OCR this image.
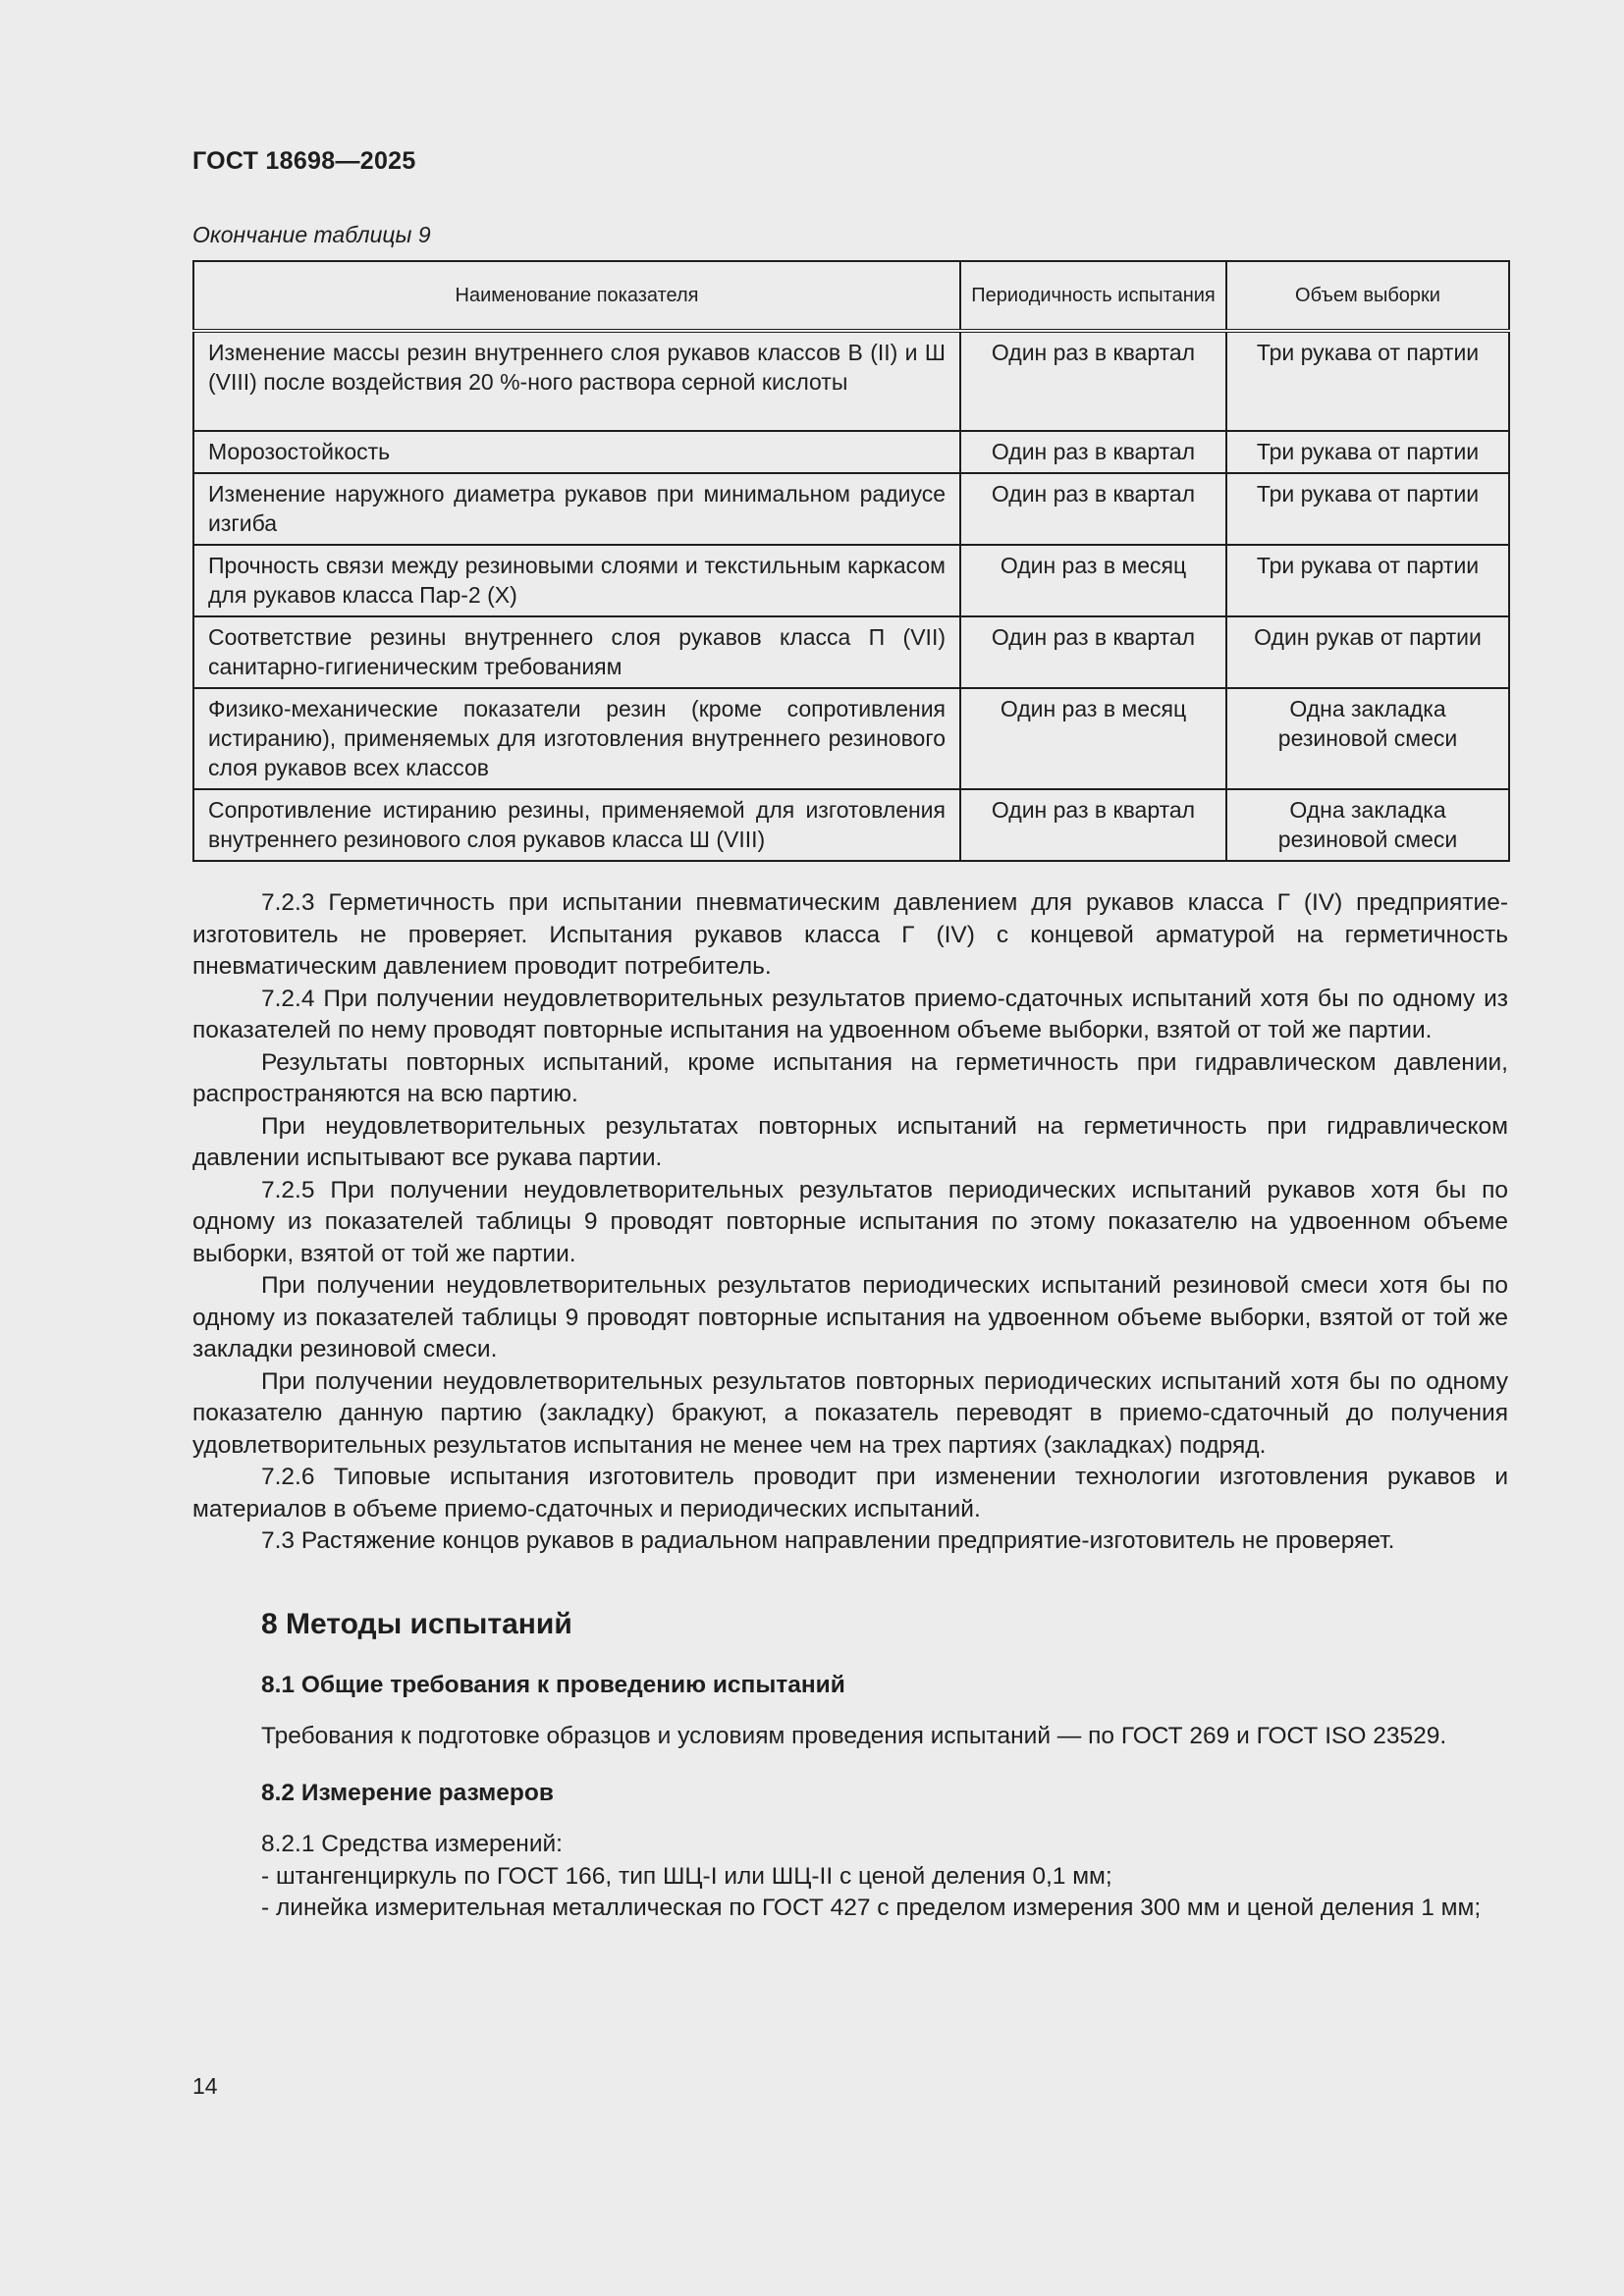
ГОСТ 18698—2025
Окончание таблицы 9
Наименование показателя	Периодичность испытания	Объем выборки
Изменение массы резин внутреннего слоя рукавов классов В (II) и Ш (VIII) после воздействия 20 %-ного раствора серной кислоты	Один раз в квартал	Три рукава от партии
Морозостойкость	Один раз в квартал	Три рукава от партии
Изменение наружного диаметра рукавов при минимальном радиусе изгиба	Один раз в квартал	Три рукава от партии
Прочность связи между резиновыми слоями и текстильным каркасом для рукавов класса Пар-2 (X)	Один раз в месяц	Три рукава от партии
Соответствие резины внутреннего слоя рукавов класса П (VII) санитарно-гигиеническим требованиям	Один раз в квартал	Один рукав от партии
Физико-механические показатели резин (кроме сопротивления истиранию), применяемых для изготовления внутреннего резинового слоя рукавов всех классов	Один раз в месяц	Одна закладка резиновой смеси
Сопротивление истиранию резины, применяемой для изготовления внутреннего резинового слоя рукавов класса Ш (VIII)	Один раз в квартал	Одна закладка резиновой смеси

7.2.3 Герметичность при испытании пневматическим давлением для рукавов класса Г (IV) предприятие-изготовитель не проверяет. Испытания рукавов класса Г (IV) с концевой арматурой на герметичность пневматическим давлением проводит потребитель.

7.2.4 При получении неудовлетворительных результатов приемо-сдаточных испытаний хотя бы по одному из показателей по нему проводят повторные испытания на удвоенном объеме выборки, взятой от той же партии.

Результаты повторных испытаний, кроме испытания на герметичность при гидравлическом давлении, распространяются на всю партию.

При неудовлетворительных результатах повторных испытаний на герметичность при гидравлическом давлении испытывают все рукава партии.

7.2.5 При получении неудовлетворительных результатов периодических испытаний рукавов хотя бы по одному из показателей таблицы 9 проводят повторные испытания по этому показателю на удвоенном объеме выборки, взятой от той же партии.

При получении неудовлетворительных результатов периодических испытаний резиновой смеси хотя бы по одному из показателей таблицы 9 проводят повторные испытания на удвоенном объеме выборки, взятой от той же закладки резиновой смеси.

При получении неудовлетворительных результатов повторных периодических испытаний хотя бы по одному показателю данную партию (закладку) бракуют, а показатель переводят в приемо-сдаточный до получения удовлетворительных результатов испытания не менее чем на трех партиях (закладках) подряд.

7.2.6 Типовые испытания изготовитель проводит при изменении технологии изготовления рукавов и материалов в объеме приемо-сдаточных и периодических испытаний.

7.3 Растяжение концов рукавов в радиальном направлении предприятие-изготовитель не проверяет.

8 Методы испытаний
8.1 Общие требования к проведению испытаний

Требования к подготовке образцов и условиям проведения испытаний — по ГОСТ 269 и ГОСТ ISO 23529.

8.2 Измерение размеров

8.2.1 Средства измерений:

- штангенциркуль по ГОСТ 166, тип ШЦ-I или ШЦ-II с ценой деления 0,1 мм;

- линейка измерительная металлическая по ГОСТ 427 с пределом измерения 300 мм и ценой деления 1 мм;

14
